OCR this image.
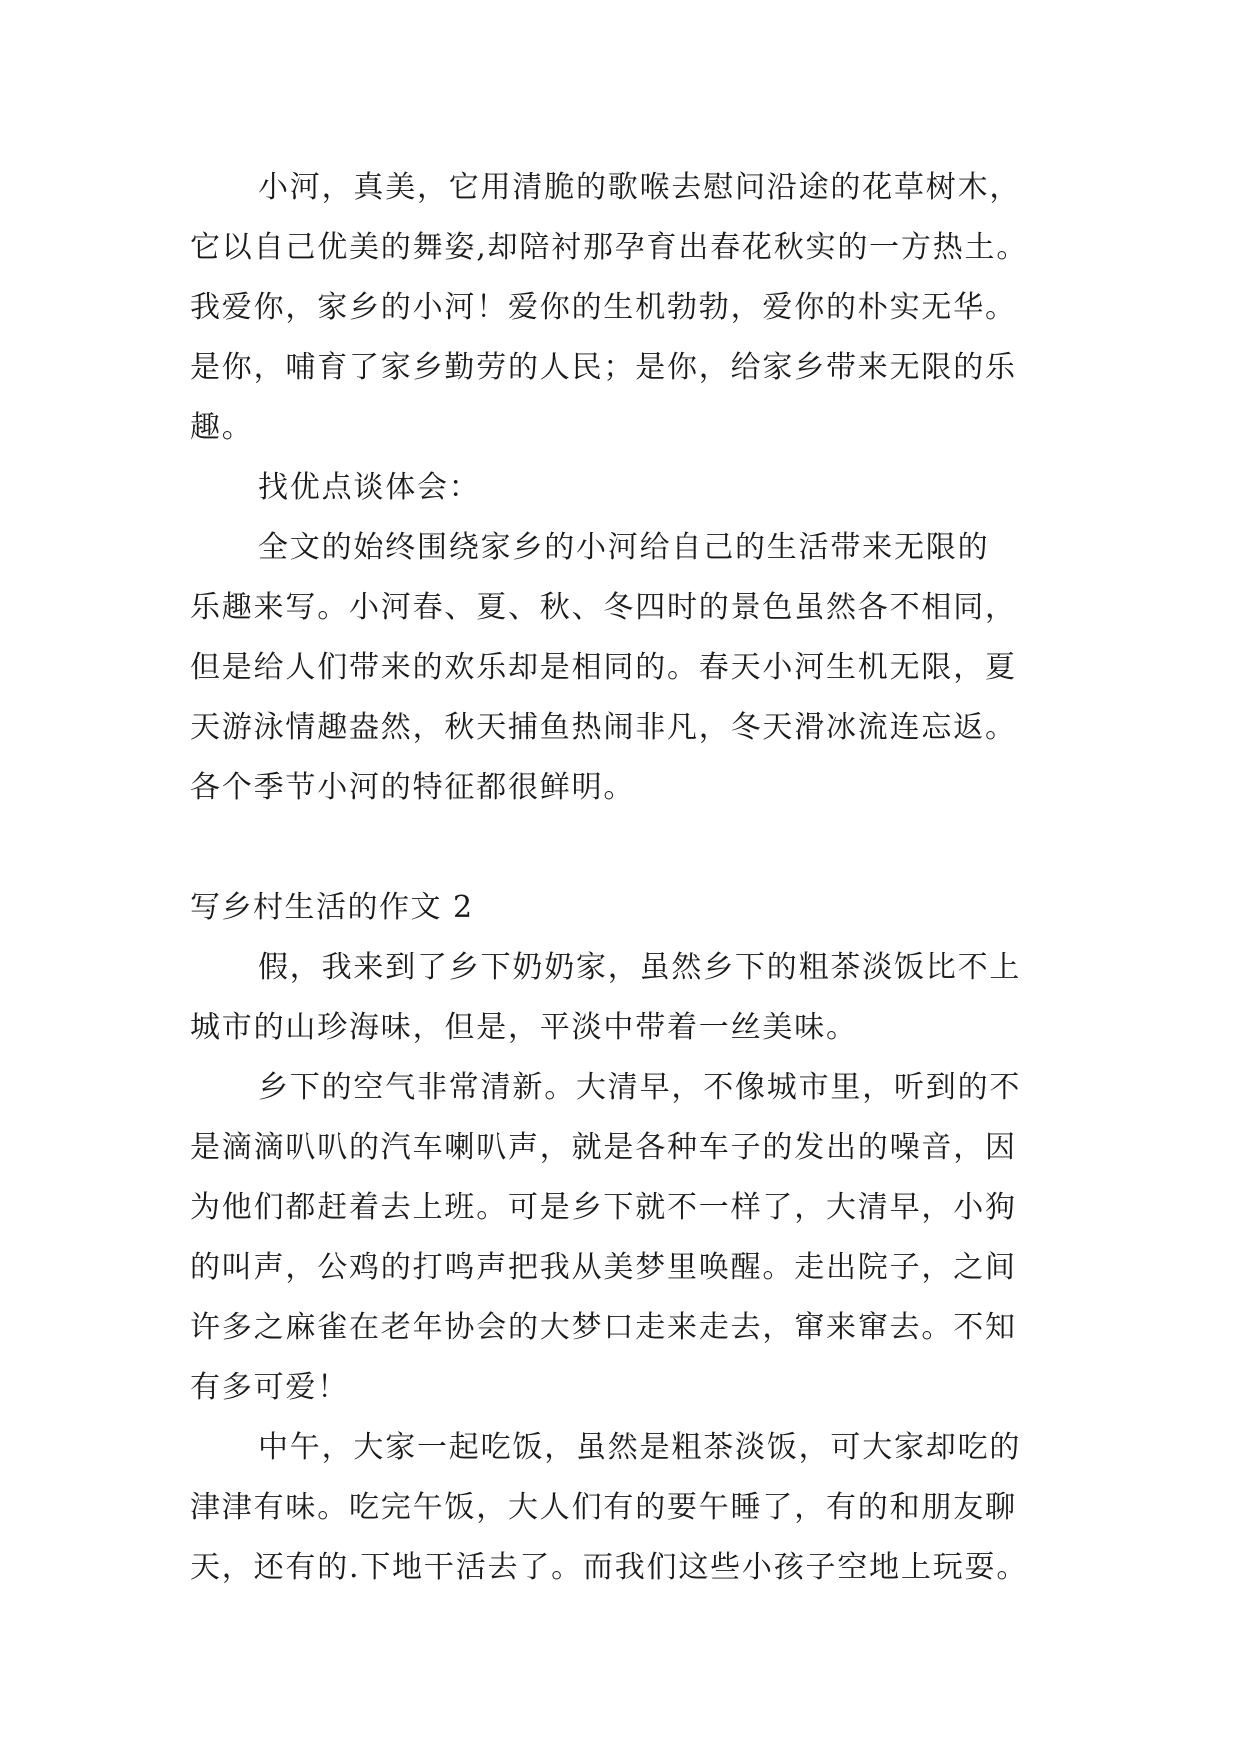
小河，真美，它用清脆的歌喉去慰问沿途的花草树木，
它以自己优美的舞姿,却陪衬那孕育出春花秋实的一方热土。
我爱你，家乡的小河！爱你的生机勃勃，爱你的朴实无华。
是你，哺育了家乡勤劳的人民；是你，给家乡带来无限的乐
趣。
找优点谈体会：
全文的始终围绕家乡的小河给自己的生活带来无限的
乐趣来写。小河春、夏、秋、冬四时的景色虽然各不相同，
但是给人们带来的欢乐却是相同的。春天小河生机无限，夏
天游泳情趣盎然，秋天捕鱼热闹非凡，冬天滑冰流连忘返。
各个季节小河的特征都很鲜明。
写乡村生活的作文 2
假，我来到了乡下奶奶家，虽然乡下的粗茶淡饭比不上
城市的山珍海味，但是，平淡中带着一丝美味。
乡下的空气非常清新。大清早，不像城市里，听到的不
是滴滴叭叭的汽车喇叭声，就是各种车子的发出的噪音，因
为他们都赶着去上班。可是乡下就不一样了，大清早，小狗
的叫声，公鸡的打鸣声把我从美梦里唤醒。走出院子，之间
许多之麻雀在老年协会的大梦口走来走去，窜来窜去。不知
有多可爱！
中午，大家一起吃饭，虽然是粗茶淡饭，可大家却吃的
津津有味。吃完午饭，大人们有的要午睡了，有的和朋友聊
天，还有的.下地干活去了。而我们这些小孩子空地上玩耍。
